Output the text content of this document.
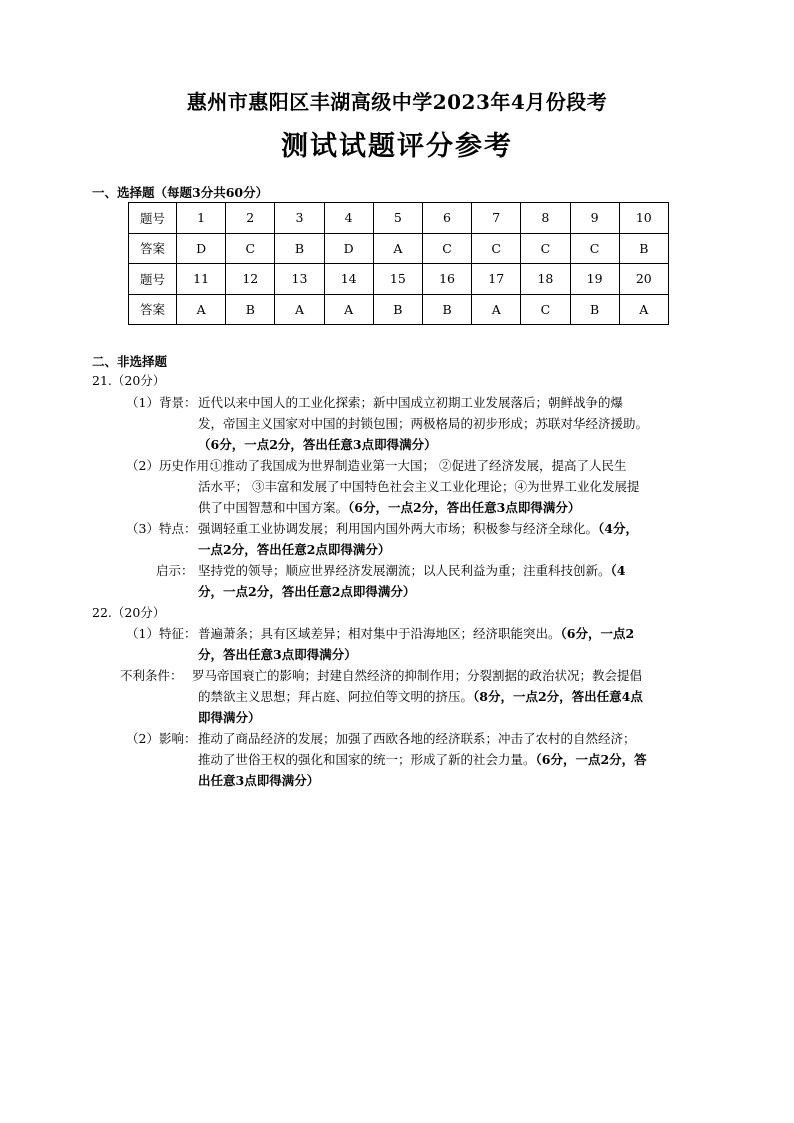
惠州市惠阳区丰湖高级中学2023年4月份段考
测试试题评分参考
一、选择题（每题3分共60分）
题号	1	2	3	4	5	6	7	8	9	10
答案	D	C	B	D	A	C	C	C	C	B
题号	11	12	13	14	15	16	17	18	19	20
答案	A	B	A	A	B	B	A	C	B	A
二、非选择题
21.（20分）
（1）背景： 近代以来中国人的工业化探索；新中国成立初期工业发展落后；朝鲜战争的爆
发，帝国主义国家对中国的封锁包围；两极格局的初步形成；苏联对华经济援助。
（6分，一点2分，答出任意3点即得满分）
（2）历史作用：
①推动了我国成为世界制造业第一大国； ②促进了经济发展，提高了人民生
活水平； ③丰富和发展了中国特色社会主义工业化理论；④为世界工业化发展提
供了中国智慧和中国方案。（6分，一点2分，答出任意3点即得满分）
（3）特点： 强调轻重工业协调发展；利用国内国外两大市场；积极参与经济全球化。（4分，
一点2分，答出任意2点即得满分）
启示： 坚持党的领导；顺应世界经济发展潮流；以人民利益为重；注重科技创新。（4
分，一点2分，答出任意2点即得满分）
22.（20分）
（1）特征： 普遍萧条；具有区域差异；相对集中于沿海地区；经济职能突出。（6分，一点2
分，答出任意3点即得满分）
不利条件： 罗马帝国衰亡的影响；封建自然经济的抑制作用；分裂割据的政治状况；教会提倡
的禁欲主义思想；拜占庭、阿拉伯等文明的挤压。（8分，一点2分，答出任意4点
即得满分）
（2）影响： 推动了商品经济的发展；加强了西欧各地的经济联系；冲击了农村的自然经济；
推动了世俗王权的强化和国家的统一；形成了新的社会力量。（6分，一点2分，答
出任意3点即得满分）
